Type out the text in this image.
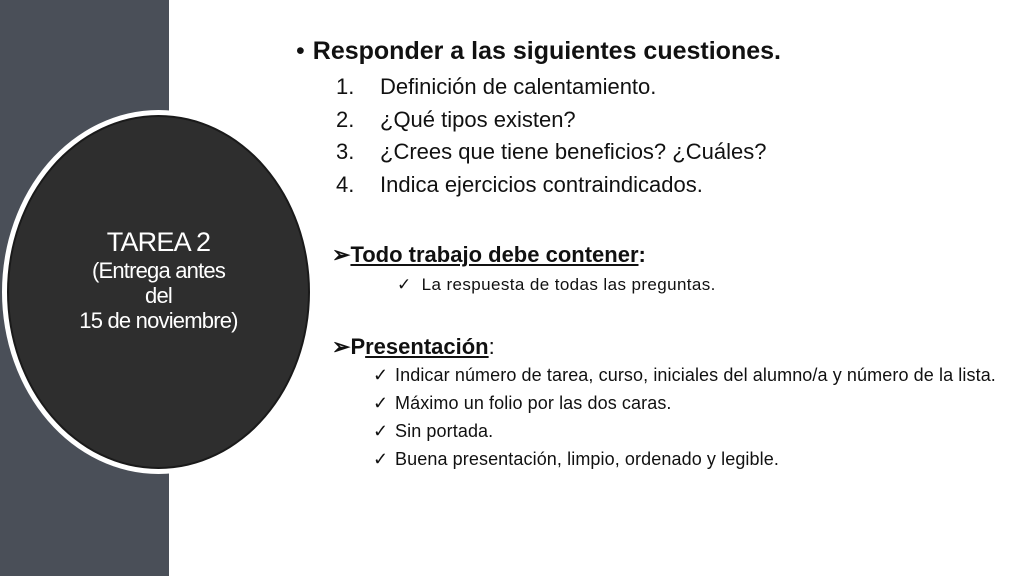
TAREA 2
(Entrega antes
del
15 de noviembre)
• Responder a las siguientes cuestiones.
1.	Definición de calentamiento.
2.	¿Qué tipos existen?
3.	¿Crees que tiene beneficios? ¿Cuáles?
4.	Indica ejercicios contraindicados.
➢Todo trabajo debe contener:
✓ La respuesta de todas las preguntas.
➢Presentación:
✓ Indicar número de tarea, curso, iniciales del alumno/a y número de la lista.
✓ Máximo un folio por las dos caras.
✓ Sin portada.
✓ Buena presentación, limpio, ordenado y legible.
